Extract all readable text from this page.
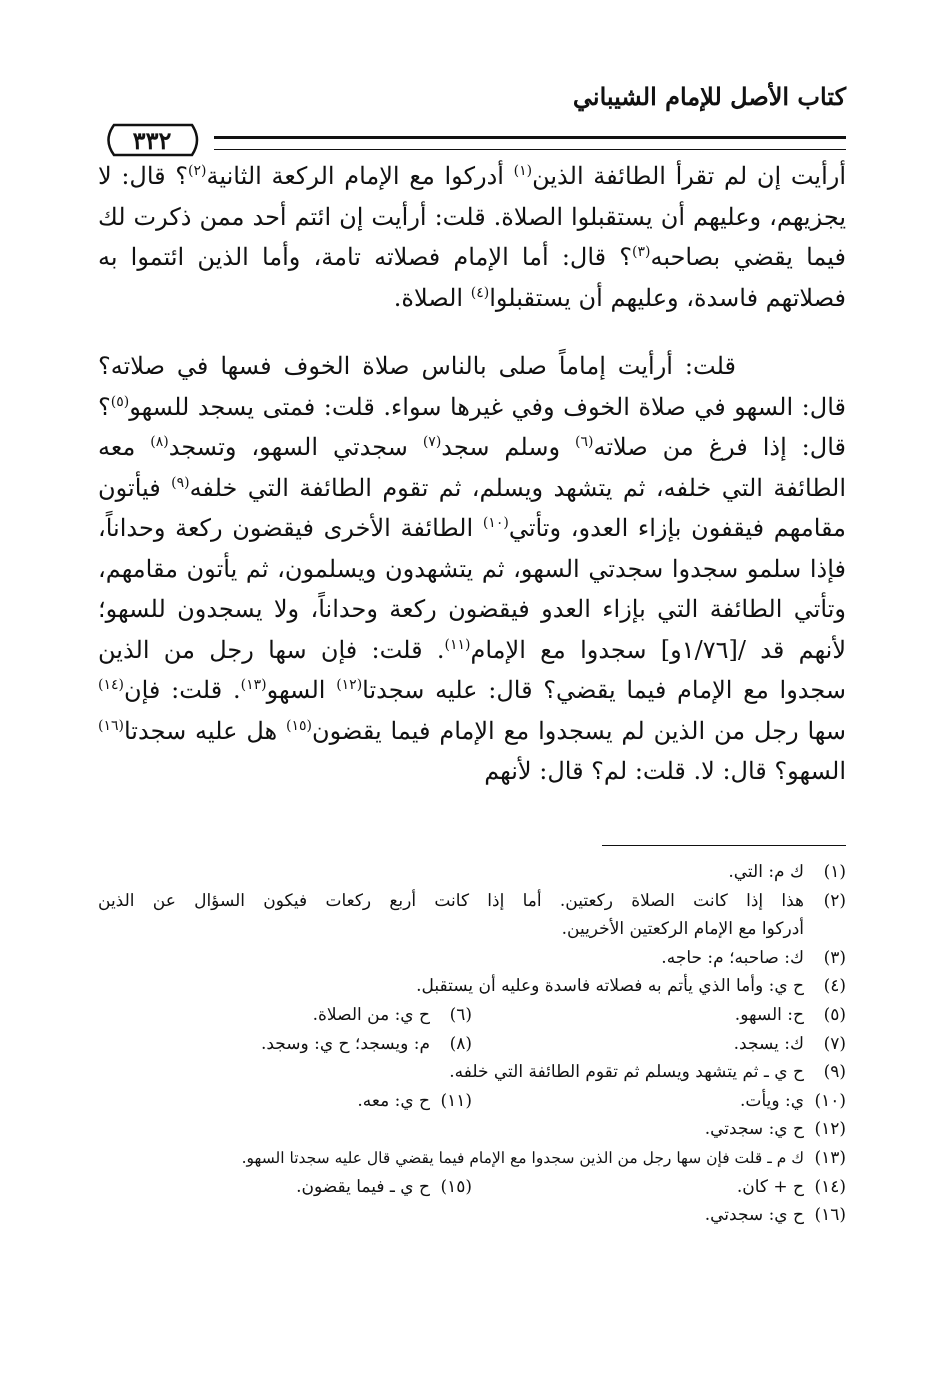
كتاب الأصل للإمام الشيباني
٣٣٢

أرأيت إن لم تقرأ الطائفة الذين$^{(١)}$ أدركوا مع الإمام الركعة الثانية$^{(٢)}$؟ قال: لا يجزيهم، وعليهم أن يستقبلوا الصلاة. قلت: أرأيت إن ائتم أحد ممن ذكرت لك فيما يقضي بصاحبه$^{(٣)}$؟ قال: أما الإمام فصلاته تامة، وأما الذين ائتموا به فصلاتهم فاسدة، وعليهم أن يستقبلوا$^{(٤)}$ الصلاة.

قلت: أرأيت إماماً صلى بالناس صلاة الخوف فسها في صلاته؟ قال: السهو في صلاة الخوف وفي غيرها سواء. قلت: فمتى يسجد للسهو$^{(٥)}$؟ قال: إذا فرغ من صلاته$^{(٦)}$ وسلم سجد$^{(٧)}$ سجدتي السهو، وتسجد$^{(٨)}$ معه الطائفة التي خلفه، ثم يتشهد ويسلم، ثم تقوم الطائفة التي خلفه$^{(٩)}$ فيأتون مقامهم فيقفون بإزاء العدو، وتأتي$^{(١٠)}$ الطائفة الأخرى فيقضون ركعة وحداناً، فإذا سلمو سجدوا سجدتي السهو، ثم يتشهدون ويسلمون، ثم يأتون مقامهم، وتأتي الطائفة التي بإزاء العدو فيقضون ركعة وحداناً، ولا يسجدون للسهو؛ لأنهم قد /[١/٧٦و] سجدوا مع الإمام$^{(١١)}$. قلت: فإن سها رجل من الذين سجدوا مع الإمام فيما يقضي؟ قال: عليه سجدتا$^{(١٢)}$ السهو$^{(١٣)}$. قلت: فإن$^{(١٤)}$ سها رجل من الذين لم يسجدوا مع الإمام فيما يقضون$^{(١٥)}$ هل عليه سجدتا$^{(١٦)}$ السهو؟ قال: لا. قلت: لم؟ قال: لأنهم

(١)
ك م: التي.
(٢)
هذا إذا كانت الصلاة ركعتين. أما إذا كانت أربع ركعات فيكون السؤال عن الذين
أدركوا مع الإمام الركعتين الأخريين.
(٣)
ك: صاحبه؛ م: حاجه.
(٤)
ح ي: وأما الذي يأتم به فصلاته فاسدة وعليه أن يستقبل.
(٥)
ح: السهو.
(٦)
ح ي: من الصلاة.
(٧)
ك: يسجد.
(٨)
م: ويسجد؛ ح ي: وسجد.
(٩)
ح ي ـ ثم يتشهد ويسلم ثم تقوم الطائفة التي خلفه.
(١٠)
ي: ويأت.
(١١)
ح ي: معه.
(١٢)
ح ي: سجدتي.
(١٣)
ك م ـ قلت فإن سها رجل من الذين سجدوا مع الإمام فيما يقضي قال عليه سجدتا السهو.
(١٤)
ح + كان.
(١٥)
ح ي ـ فيما يقضون.
(١٦)
ح ي: سجدتي.
